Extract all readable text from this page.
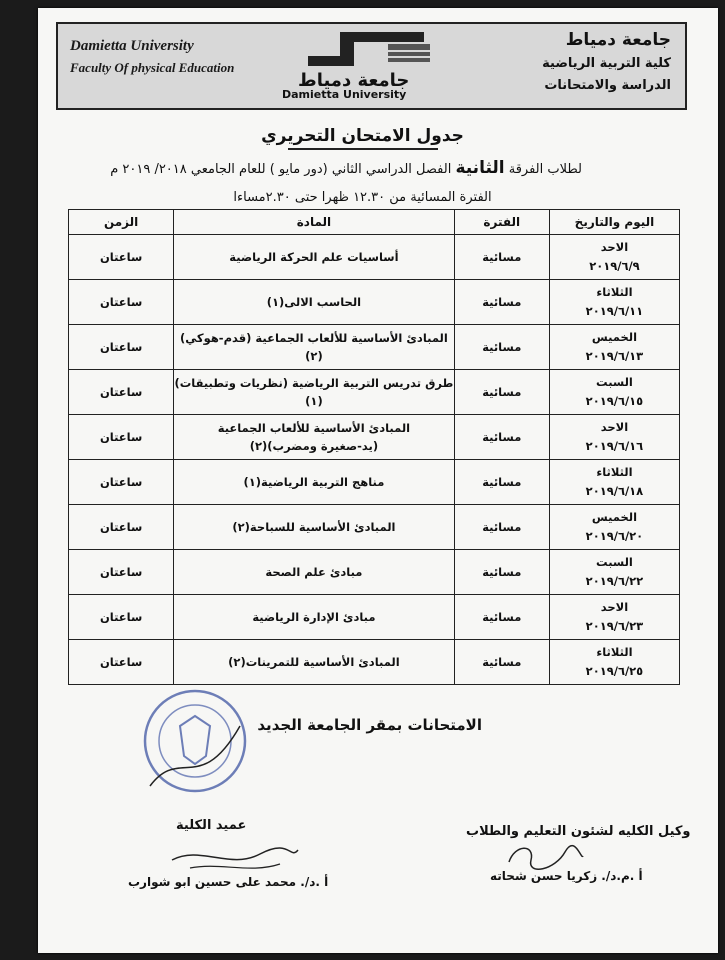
Damietta University
Faculty Of physical Education
جامعة دمياط
كلية التربية الرياضية
الدراسة والامتحانات
جامعة دمياط
Damietta University
جدول الامتحان التحريري
لطلاب الفرقة الثانية الفصل الدراسي الثاني (دور مايو ) للعام الجامعي ٢٠١٨/ ٢٠١٩ م
الفترة المسائية من ١٢.٣٠ ظهرا حتى ٢.٣٠مساءا
اليوم والتاريخ	الفترة	المادة	الزمن

الاحد
٢٠١٩/٦/٩	مسائية	أساسيات علم الحركة الرياضية	ساعتان

الثلاثاء
٢٠١٩/٦/١١	مسائية	الحاسب الالى(١)	ساعتان

الخميس
٢٠١٩/٦/١٣	مسائية	المبادئ الأساسية للألعاب الجماعية (قدم-هوكي) (٢)	ساعتان

السبت
٢٠١٩/٦/١٥	مسائية	طرق تدريس التربية الرياضية (نظريات وتطبيقات)(١)	ساعتان

الاحد
٢٠١٩/٦/١٦	مسائية	المبادئ الأساسية للألعاب الجماعية
(يد-صغيرة ومضرب)(٢)	ساعتان

الثلاثاء
٢٠١٩/٦/١٨	مسائية	مناهج التربية الرياضية(١)	ساعتان

الخميس
٢٠١٩/٦/٢٠	مسائية	المبادئ الأساسية للسباحة(٢)	ساعتان

السبت
٢٠١٩/٦/٢٢	مسائية	مبادئ علم الصحة	ساعتان

الاحد
٢٠١٩/٦/٢٣	مسائية	مبادئ الإدارة الرياضية	ساعتان

الثلاثاء
٢٠١٩/٦/٢٥	مسائية	المبادئ الأساسية للتمرينات(٢)	ساعتان
الامتحانات بمقر الجامعة الجديد
عميد الكلية
أ .د/. محمد على حسين ابو شوارب
وكيل الكليه لشئون التعليم والطلاب
أ .م.د/. زكريا حسن شحاته
